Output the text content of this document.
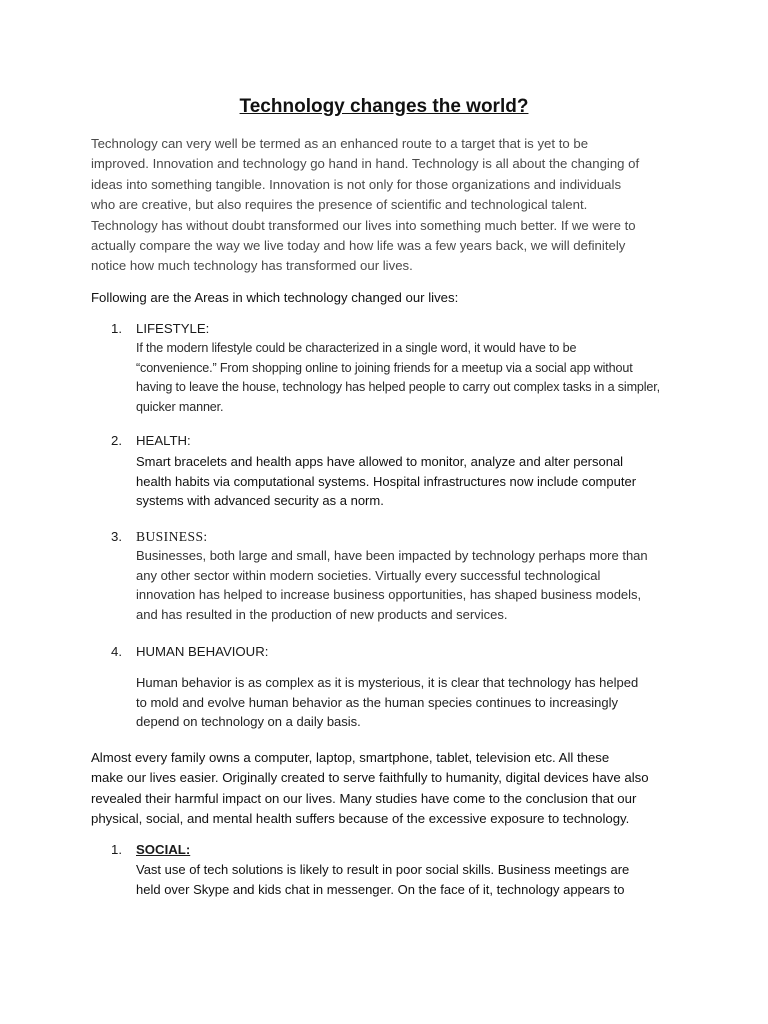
Technology changes the world?
Technology can very well be termed as an enhanced route to a target that is yet to be
improved. Innovation and technology go hand in hand. Technology is all about the changing of
ideas into something tangible. Innovation is not only for those organizations and individuals
who are creative, but also requires the presence of scientific and technological talent.
Technology has without doubt transformed our lives into something much better. If we were to
actually compare the way we live today and how life was a few years back, we will definitely
notice how much technology has transformed our lives.
Following are the Areas in which technology changed our lives:
1. LIFESTYLE:
If the modern lifestyle could be characterized in a single word, it would have to be
“convenience.” From shopping online to joining friends for a meetup via a social app without
having to leave the house, technology has helped people to carry out complex tasks in a simpler,
quicker manner.
2. HEALTH:
Smart bracelets and health apps have allowed to monitor, analyze and alter personal
health habits via computational systems. Hospital infrastructures now include computer
systems with advanced security as a norm.
3. BUSINESS:
Businesses, both large and small, have been impacted by technology perhaps more than
any other sector within modern societies. Virtually every successful technological
innovation has helped to increase business opportunities, has shaped business models,
and has resulted in the production of new products and services.
4. HUMAN BEHAVIOUR:
Human behavior is as complex as it is mysterious, it is clear that technology has helped
to mold and evolve human behavior as the human species continues to increasingly
depend on technology on a daily basis.
Almost every family owns a computer, laptop, smartphone, tablet, television etc. All these
make our lives easier. Originally created to serve faithfully to humanity, digital devices have also
revealed their harmful impact on our lives. Many studies have come to the conclusion that our
physical, social, and mental health suffers because of the excessive exposure to technology.
1. SOCIAL:
Vast use of tech solutions is likely to result in poor social skills. Business meetings are
held over Skype and kids chat in messenger. On the face of it, technology appears to
